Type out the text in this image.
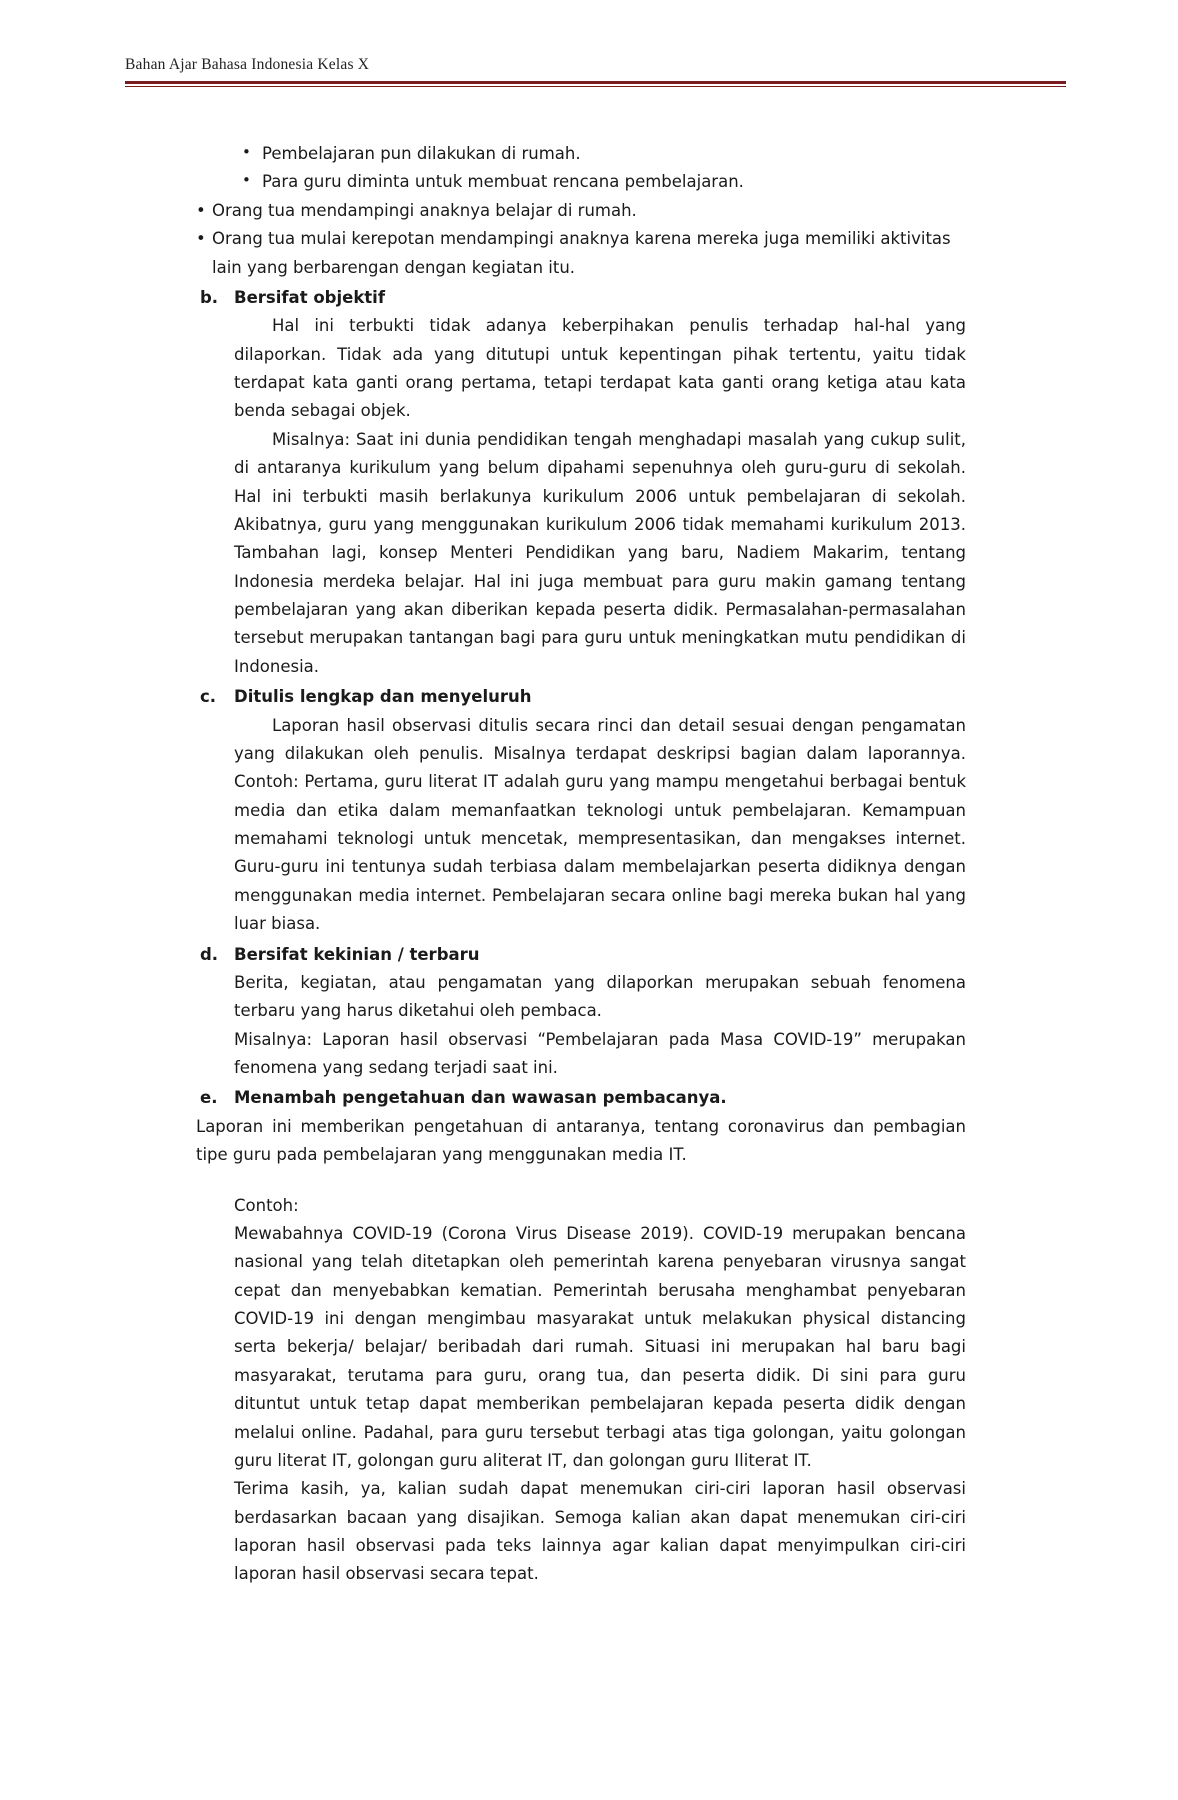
Bahan Ajar Bahasa Indonesia Kelas X
• Pembelajaran pun dilakukan di rumah.
• Para guru diminta untuk membuat rencana pembelajaran.
• Orang tua mendampingi anaknya belajar di rumah.
• Orang tua mulai kerepotan mendampingi anaknya karena mereka juga memiliki aktivitas lain yang berbarengan dengan kegiatan itu.
b. Bersifat objektif

Hal ini terbukti tidak adanya keberpihakan penulis terhadap hal-hal yang dilaporkan. Tidak ada yang ditutupi untuk kepentingan pihak tertentu, yaitu tidak terdapat kata ganti orang pertama, tetapi terdapat kata ganti orang ketiga atau kata benda sebagai objek.

Misalnya: Saat ini dunia pendidikan tengah menghadapi masalah yang cukup sulit, di antaranya kurikulum yang belum dipahami sepenuhnya oleh guru-guru di sekolah. Hal ini terbukti masih berlakunya kurikulum 2006 untuk pembelajaran di sekolah. Akibatnya, guru yang menggunakan kurikulum 2006 tidak memahami kurikulum 2013. Tambahan lagi, konsep Menteri Pendidikan yang baru, Nadiem Makarim, tentang Indonesia merdeka belajar. Hal ini juga membuat para guru makin gamang tentang pembelajaran yang akan diberikan kepada peserta didik. Permasalahan-permasalahan tersebut merupakan tantangan bagi para guru untuk meningkatkan mutu pendidikan di Indonesia.

c.	Ditulis lengkap dan menyeluruh

Laporan hasil observasi ditulis secara rinci dan detail sesuai dengan pengamatan yang dilakukan oleh penulis. Misalnya terdapat deskripsi bagian dalam laporannya. Contoh: Pertama, guru literat IT adalah guru yang mampu mengetahui berbagai bentuk media dan etika dalam memanfaatkan teknologi untuk pembelajaran. Kemampuan memahami teknologi untuk mencetak, mempresentasikan, dan mengakses internet. Guru-guru ini tentunya sudah terbiasa dalam membelajarkan peserta didiknya dengan menggunakan media internet. Pembelajaran secara online bagi mereka bukan hal yang luar biasa.

d. Bersifat kekinian / terbaru

Berita, kegiatan, atau pengamatan yang dilaporkan merupakan sebuah fenomena terbaru yang harus diketahui oleh pembaca.

Misalnya: Laporan hasil observasi “Pembelajaran pada Masa COVID-19” merupakan fenomena yang sedang terjadi saat ini.

e.	Menambah pengetahuan dan wawasan pembacanya.

Laporan ini memberikan pengetahuan di antaranya, tentang coronavirus dan pembagian tipe guru pada pembelajaran yang menggunakan media IT.

Contoh:

Mewabahnya COVID-19 (Corona Virus Disease 2019). COVID-19 merupakan bencana nasional yang telah ditetapkan oleh pemerintah karena penyebaran virusnya sangat cepat dan menyebabkan kematian. Pemerintah berusaha menghambat penyebaran COVID-19 ini dengan mengimbau masyarakat untuk melakukan physical distancing serta bekerja/ belajar/ beribadah dari rumah. Situasi ini merupakan hal baru bagi masyarakat, terutama para guru, orang tua, dan peserta didik. Di sini para guru dituntut untuk tetap dapat memberikan pembelajaran kepada peserta didik dengan melalui online. Padahal, para guru tersebut terbagi atas tiga golongan, yaitu golongan guru literat IT, golongan guru aliterat IT, dan golongan guru Iliterat IT.

Terima kasih, ya, kalian sudah dapat menemukan ciri-ciri laporan hasil observasi berdasarkan bacaan yang disajikan. Semoga kalian akan dapat menemukan ciri-ciri laporan hasil observasi pada teks lainnya agar kalian dapat menyimpulkan ciri-ciri laporan hasil observasi secara tepat.
